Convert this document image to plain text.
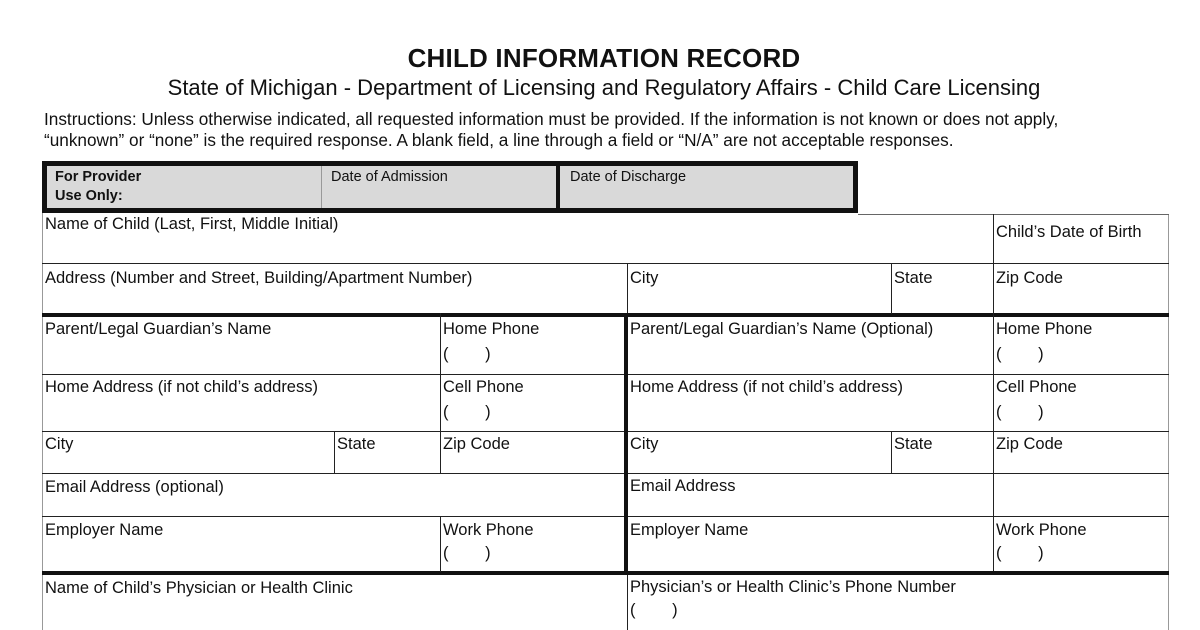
CHILD INFORMATION RECORD
State of Michigan - Department of Licensing and Regulatory Affairs - Child Care Licensing
Instructions: Unless otherwise indicated, all requested information must be provided. If the information is not known or does not apply,
“unknown” or “none” is the required response. A blank field, a line through a field or “N/A” are not acceptable responses.
For Provider
Use Only:
Date of Admission	Date of Discharge
Name of Child (Last, First, Middle Initial)	Child’s Date of Birth
Address (Number and Street, Building/Apartment Number)	City	State	Zip Code
Parent/Legal Guardian’s Name	Home Phone
(        )
Home Address (if not child’s address)	Cell Phone
(        )
City	State	Zip Code
Email Address (optional)
Employer Name	Work Phone
(        )
Parent/Legal Guardian’s Name (Optional)	Home Phone
(        )
Home Address (if not child’s address)	Cell Phone
(        )
City	State	Zip Code
Email Address
Employer Name	Work Phone
(        )
Name of Child’s Physician or Health Clinic	Physician’s or Health Clinic’s Phone Number
(        )
